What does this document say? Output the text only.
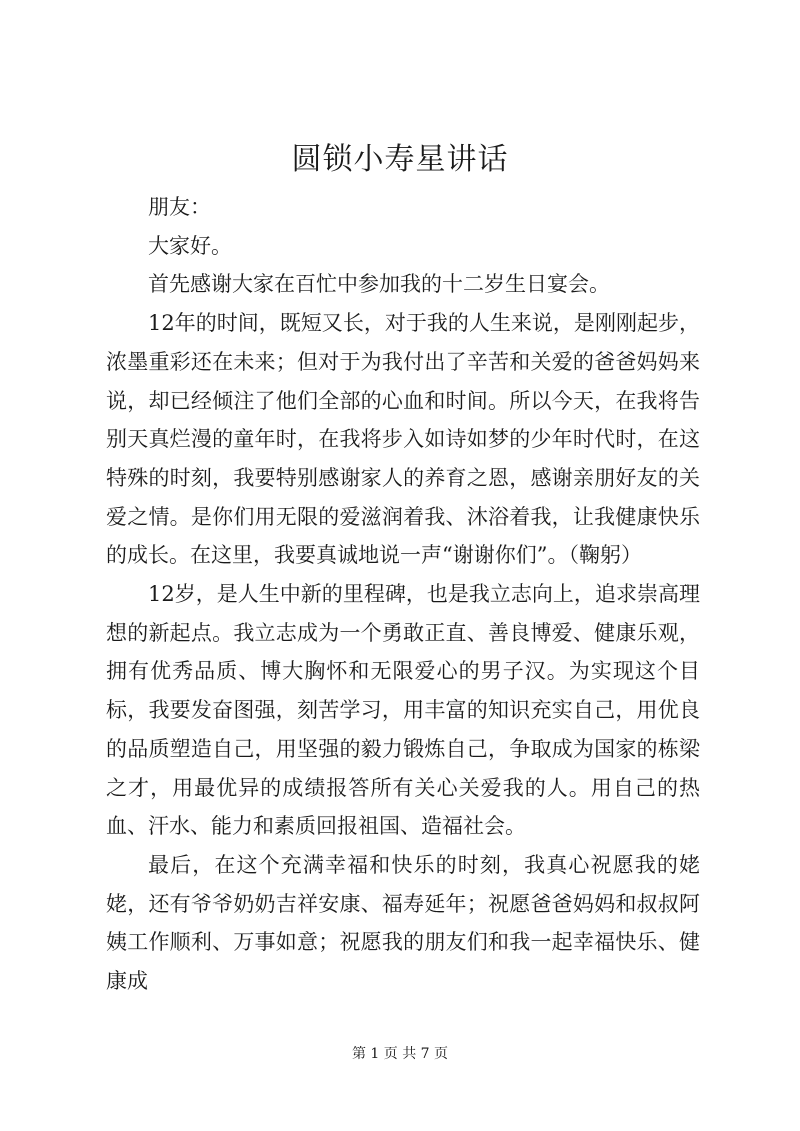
圆锁小寿星讲话

朋友：

大家好。

首先感谢大家在百忙中参加我的十二岁生日宴会。

12年的时间，既短又长，对于我的人生来说，是刚刚起步，浓墨重彩还在未来；但对于为我付出了辛苦和关爱的爸爸妈妈来说，却已经倾注了他们全部的心血和时间。所以今天，在我将告别天真烂漫的童年时，在我将步入如诗如梦的少年时代时，在这特殊的时刻，我要特别感谢家人的养育之恩，感谢亲朋好友的关爱之情。是你们用无限的爱滋润着我、沐浴着我，让我健康快乐的成长。在这里，我要真诚地说一声“谢谢你们”。（鞠躬）

12岁，是人生中新的里程碑，也是我立志向上，追求崇高理想的新起点。我立志成为一个勇敢正直、善良博爱、健康乐观，拥有优秀品质、博大胸怀和无限爱心的男子汉。为实现这个目标，我要发奋图强，刻苦学习，用丰富的知识充实自己，用优良的品质塑造自己，用坚强的毅力锻炼自己，争取成为国家的栋梁之才，用最优异的成绩报答所有关心关爱我的人。用自己的热血、汗水、能力和素质回报祖国、造福社会。

最后，在这个充满幸福和快乐的时刻，我真心祝愿我的姥姥，还有爷爷奶奶吉祥安康、福寿延年；祝愿爸爸妈妈和叔叔阿姨工作顺利、万事如意；祝愿我的朋友们和我一起幸福快乐、健康成

第 1 页 共 7 页
